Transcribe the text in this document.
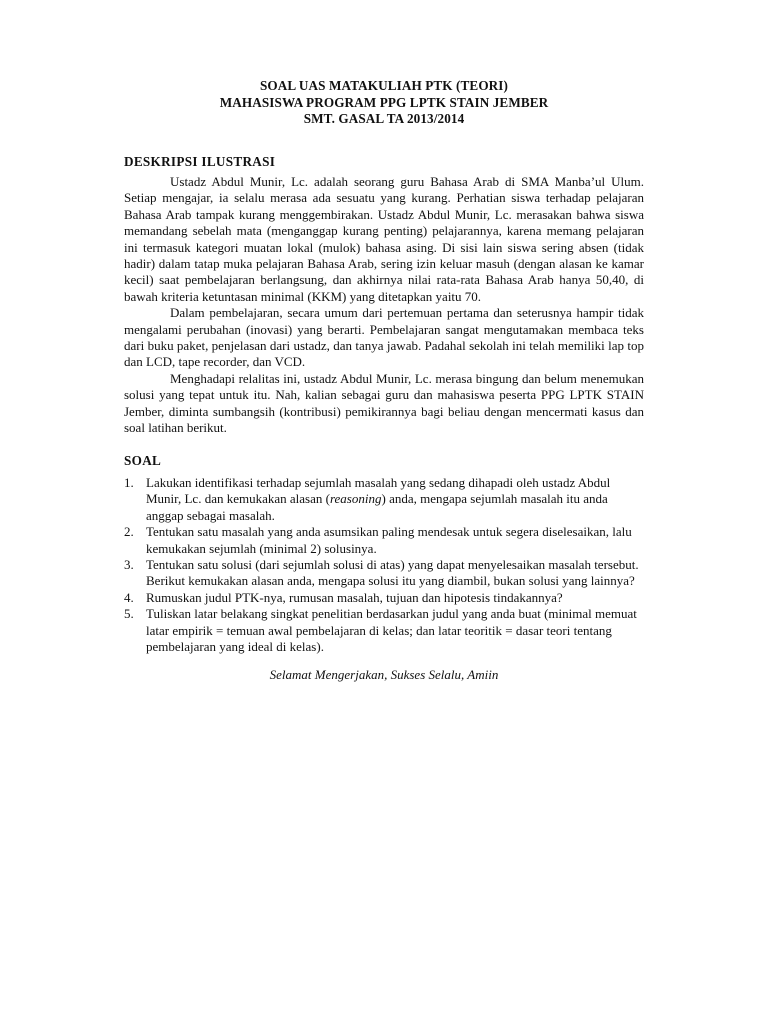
SOAL UAS MATAKULIAH PTK (TEORI)
MAHASISWA PROGRAM PPG LPTK STAIN JEMBER
SMT. GASAL TA 2013/2014
DESKRIPSI ILUSTRASI

Ustadz Abdul Munir, Lc. adalah seorang guru Bahasa Arab di SMA Manba’ul Ulum. Setiap mengajar, ia selalu merasa ada sesuatu yang kurang. Perhatian siswa terhadap pelajaran Bahasa Arab tampak kurang menggembirakan. Ustadz Abdul Munir, Lc. merasakan bahwa siswa memandang sebelah mata (menganggap kurang penting) pelajarannya, karena memang pelajaran ini termasuk kategori muatan lokal (mulok) bahasa asing. Di sisi lain siswa sering absen (tidak hadir) dalam tatap muka pelajaran Bahasa Arab, sering izin keluar masuh (dengan alasan ke kamar kecil) saat pembelajaran berlangsung, dan akhirnya nilai rata-rata Bahasa Arab hanya 50,40, di bawah kriteria ketuntasan minimal (KKM) yang ditetapkan yaitu 70.

Dalam pembelajaran, secara umum dari pertemuan pertama dan seterusnya hampir tidak mengalami perubahan (inovasi) yang berarti. Pembelajaran sangat mengutamakan membaca teks dari buku paket, penjelasan dari ustadz, dan tanya jawab. Padahal sekolah ini telah memiliki lap top dan LCD, tape recorder, dan VCD.

Menghadapi relalitas ini, ustadz Abdul Munir, Lc. merasa bingung dan belum menemukan solusi yang tepat untuk itu. Nah, kalian sebagai guru dan mahasiswa peserta PPG LPTK STAIN Jember, diminta sumbangsih (kontribusi) pemikirannya bagi beliau dengan mencermati kasus dan soal latihan berikut.

SOAL
1. Lakukan identifikasi terhadap sejumlah masalah yang sedang dihapadi oleh ustadz Abdul Munir, Lc. dan kemukakan alasan (reasoning) anda, mengapa sejumlah masalah itu anda anggap sebagai masalah.
2. Tentukan satu masalah yang anda asumsikan paling mendesak untuk segera diselesaikan, lalu kemukakan sejumlah (minimal 2) solusinya.
3. Tentukan satu solusi (dari sejumlah solusi di atas) yang dapat menyelesaikan masalah tersebut. Berikut kemukakan alasan anda, mengapa solusi itu yang diambil, bukan solusi yang lainnya?
4. Rumuskan judul PTK-nya, rumusan masalah, tujuan dan hipotesis tindakannya?
5. Tuliskan latar belakang singkat penelitian berdasarkan judul yang anda buat (minimal memuat latar empirik = temuan awal pembelajaran di kelas; dan latar teoritik = dasar teori tentang pembelajaran yang ideal di kelas).
Selamat Mengerjakan, Sukses Selalu, Amiin
